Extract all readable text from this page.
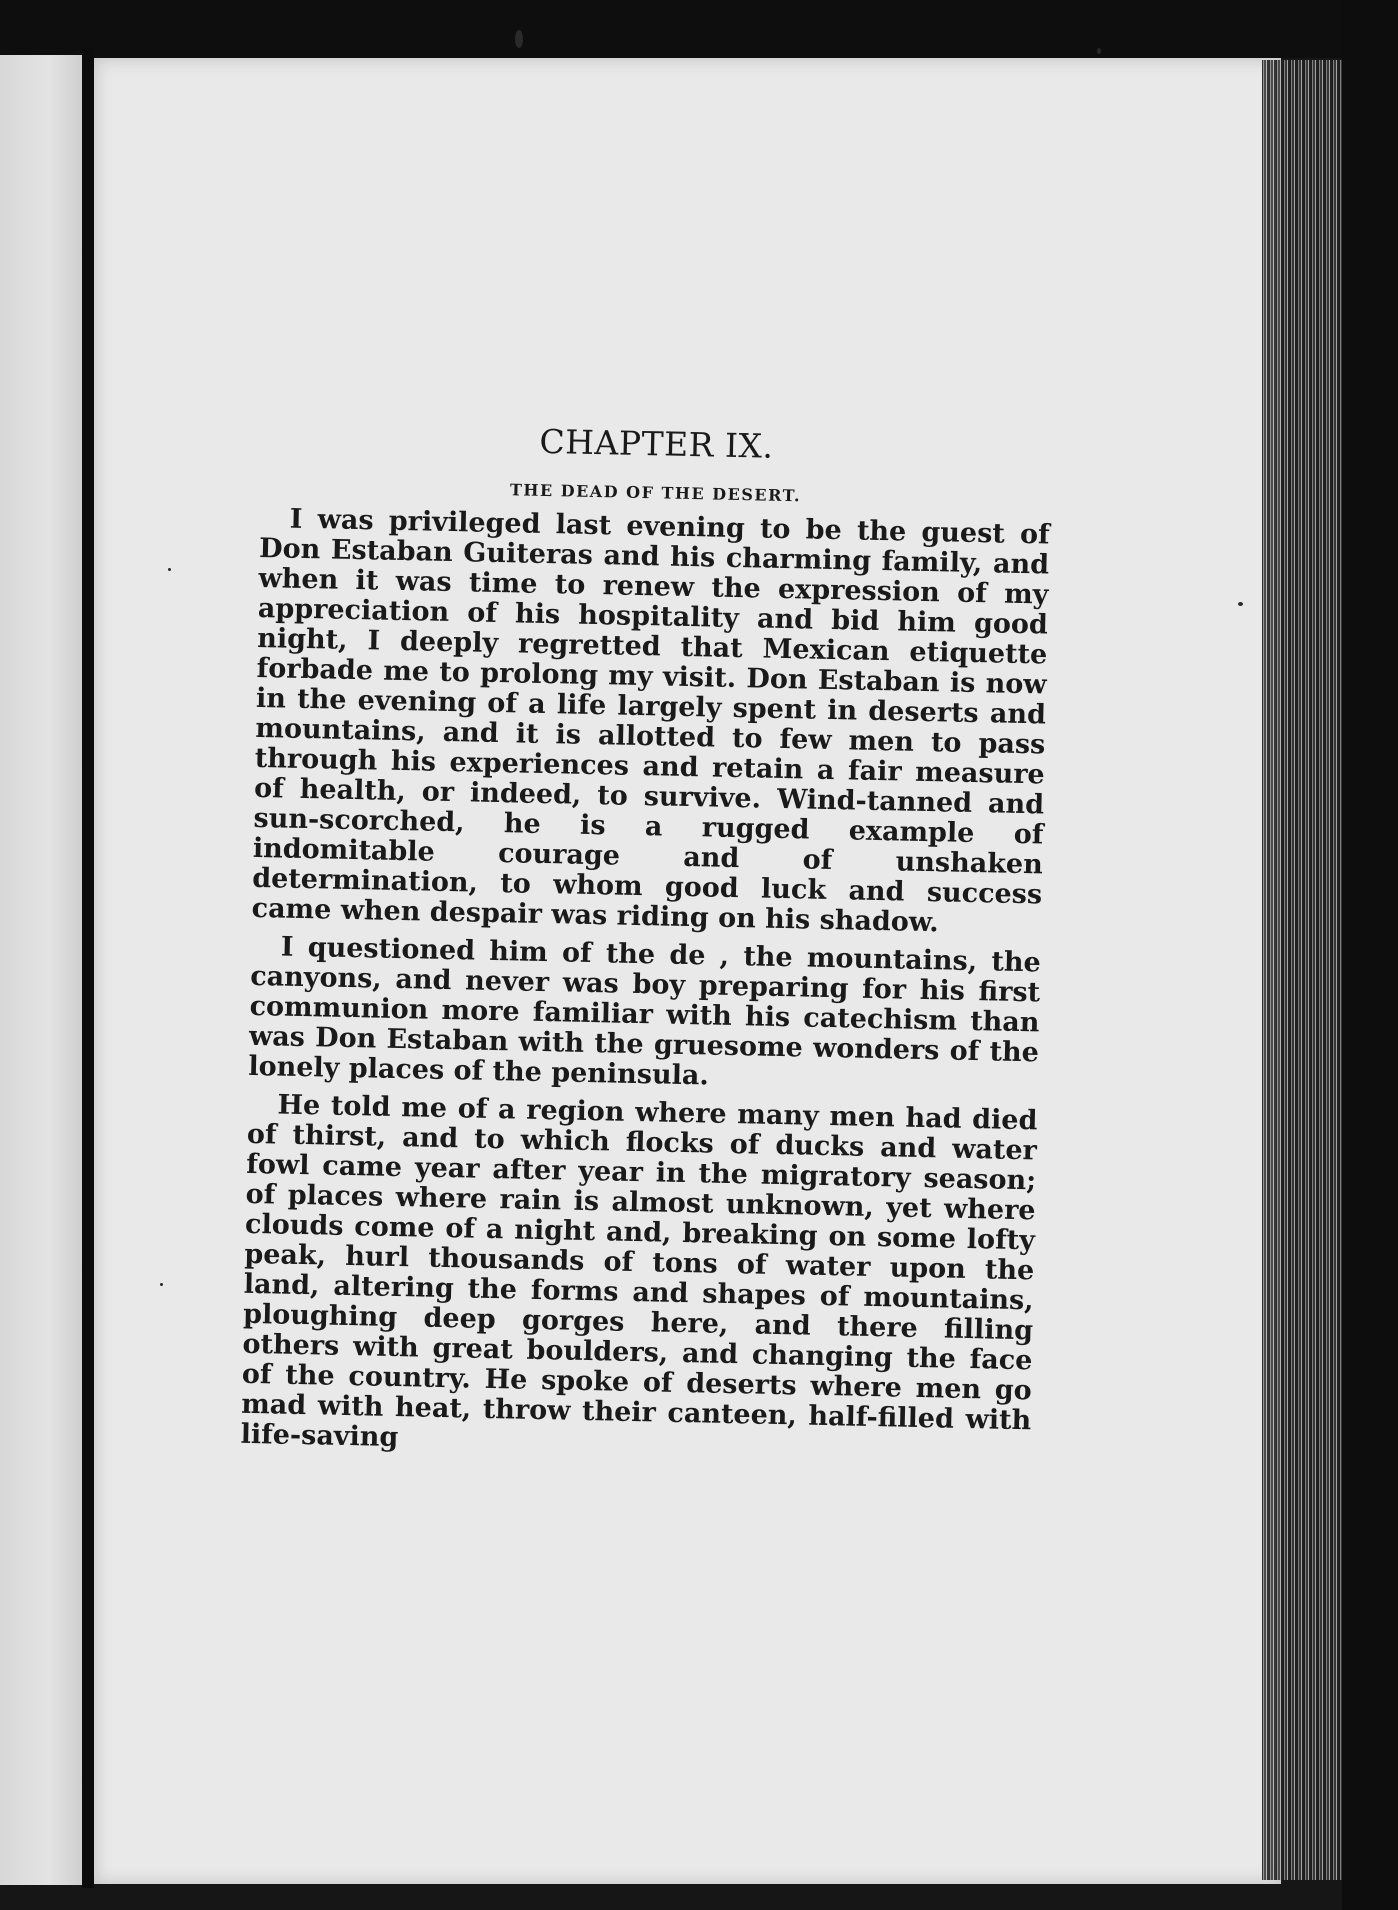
CHAPTER IX.
THE DEAD OF THE DESERT.

I was privileged last evening to be the guest of Don Estaban Guiteras and his charming family, and when it was time to renew the expression of my appreciation of his hospitality and bid him good night, I deeply regretted that Mexican etiquette forbade me to prolong my visit. Don Estaban is now in the evening of a life largely spent in deserts and mountains, and it is allotted to few men to pass through his experiences and retain a fair measure of health, or indeed, to survive. Wind-tanned and sun-scorched, he is a rugged example of indomitable courage and of unshaken determination, to whom good luck and success came when despair was riding on his shadow.

I questioned him of the de , the mountains, the canyons, and never was boy preparing for his first communion more familiar with his catechism than was Don Estaban with the gruesome wonders of the lonely places of the peninsula.

He told me of a region where many men had died of thirst, and to which flocks of ducks and water fowl came year after year in the migratory season; of places where rain is almost unknown, yet where clouds come of a night and, breaking on some lofty peak, hurl thousands of tons of water upon the land, altering the forms and shapes of mountains, ploughing deep gorges here, and there filling others with great boulders, and changing the face of the country. He spoke of deserts where men go mad with heat, throw their canteen, half-filled with life-saving
